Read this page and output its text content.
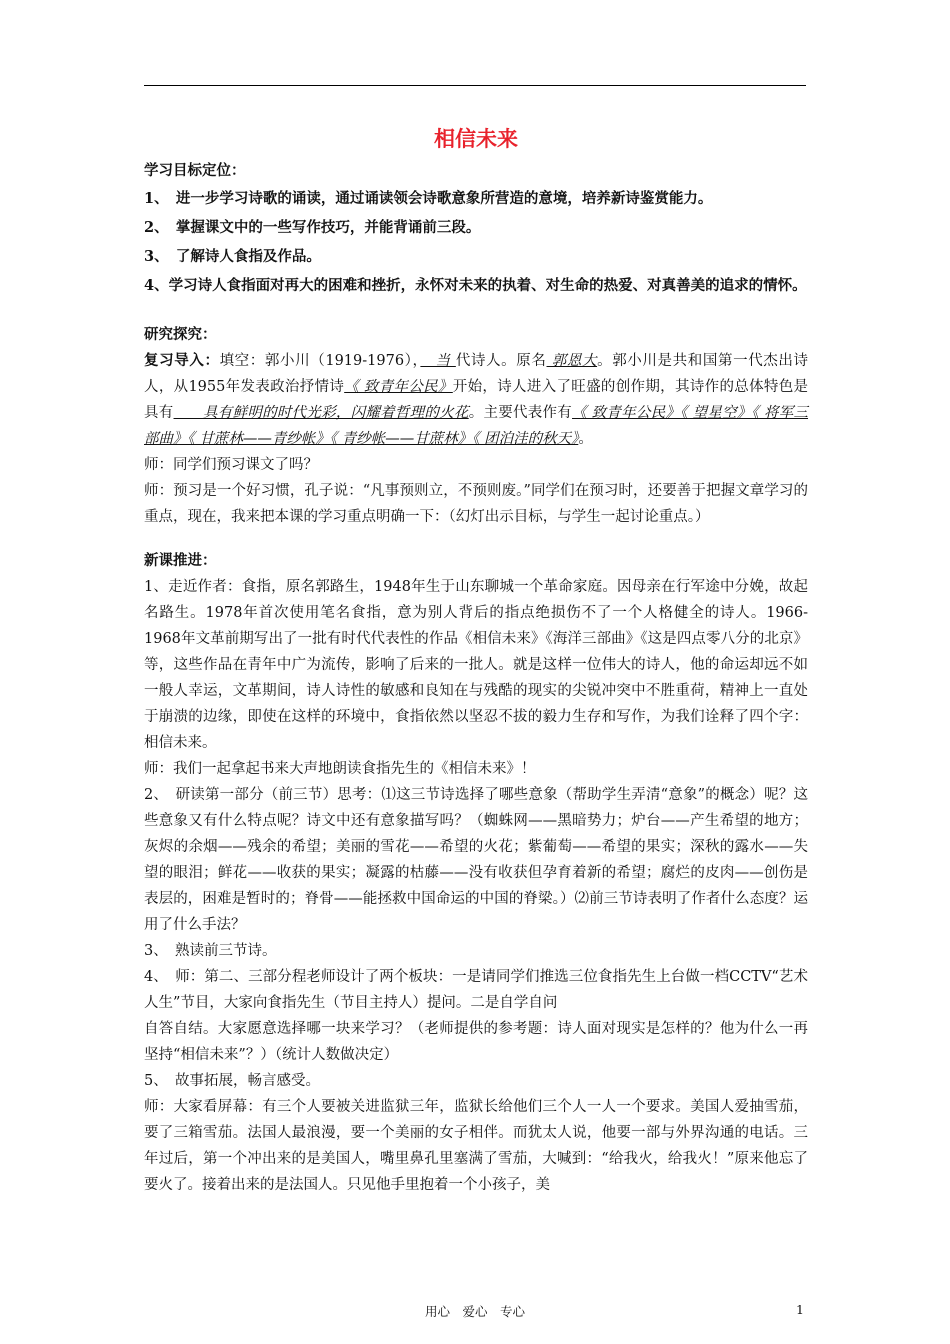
相信未来

学习目标定位：

1、　进一步学习诗歌的诵读，通过诵读领会诗歌意象所营造的意境，培养新诗鉴赏能力。

2、　掌握课文中的一些写作技巧，并能背诵前三段。

3、　了解诗人食指及作品。

4、学习诗人食指面对再大的困难和挫折，永怀对未来的执着、对生命的热爱、对真善美的追求的情怀。

研究探究：

复习导入：填空：郭小川（1919-1976），　当 代诗人。原名 郭恩大。郭小川是共和国第一代杰出诗人，从1955年发表政治抒情诗《 致青年公民》开始，诗人进入了旺盛的创作期，其诗作的总体特色是具有　　具有鲜明的时代光彩，闪耀着哲理的火花。主要代表作有《 致青年公民》《 望星空》《 将军三部曲》《 甘蔗林——青纱帐》《 青纱帐——甘蔗林》《 团泊洼的秋天》。

师：同学们预习课文了吗？

师：预习是一个好习惯，孔子说：“凡事预则立，不预则废。”同学们在预习时，还要善于把握文章学习的重点，现在，我来把本课的学习重点明确一下：（幻灯出示目标，与学生一起讨论重点。）

新课推进：

1、走近作者：食指，原名郭路生，1948年生于山东聊城一个革命家庭。因母亲在行军途中分娩，故起名路生。1978年首次使用笔名食指，意为别人背后的指点绝损伤不了一个人格健全的诗人。1966-1968年文革前期写出了一批有时代代表性的作品《相信未来》《海洋三部曲》《这是四点零八分的北京》等，这些作品在青年中广为流传，影响了后来的一批人。就是这样一位伟大的诗人，他的命运却远不如一般人幸运，文革期间，诗人诗性的敏感和良知在与残酷的现实的尖锐冲突中不胜重荷，精神上一直处于崩溃的边缘，即使在这样的环境中，食指依然以坚忍不拔的毅力生存和写作，为我们诠释了四个字：相信未来。

师：我们一起拿起书来大声地朗读食指先生的《相信未来》！

2、　研读第一部分（前三节）思考：⑴这三节诗选择了哪些意象（帮助学生弄清“意象”的概念）呢？这些意象又有什么特点呢？诗文中还有意象描写吗？（蜘蛛网——黑暗势力；炉台——产生希望的地方；灰烬的余烟——残余的希望；美丽的雪花——希望的火花；紫葡萄——希望的果实；深秋的露水——失望的眼泪；鲜花——收获的果实；凝露的枯藤——没有收获但孕育着新的希望；腐烂的皮肉——创伤是表层的，困难是暂时的；脊骨——能拯救中国命运的中国的脊梁。）⑵前三节诗表明了作者什么态度？运用了什么手法？

3、　熟读前三节诗。

4、　师：第二、三部分程老师设计了两个板块：一是请同学们推选三位食指先生上台做一档CCTV“艺术人生”节目，大家向食指先生（节目主持人）提问。二是自学自问

自答自结。大家愿意选择哪一块来学习？（老师提供的参考题：诗人面对现实是怎样的？他为什么一再坚持“相信未来”？）（统计人数做决定）

5、　故事拓展，畅言感受。

师：大家看屏幕：有三个人要被关进监狱三年，监狱长给他们三个人一人一个要求。美国人爱抽雪茄，要了三箱雪茄。法国人最浪漫，要一个美丽的女子相伴。而犹太人说，他要一部与外界沟通的电话。三年过后，第一个冲出来的是美国人，嘴里鼻孔里塞满了雪茄，大喊到：“给我火，给我火！”原来他忘了要火了。接着出来的是法国人。只见他手里抱着一个小孩子，美

用心　爱心　专心	1
